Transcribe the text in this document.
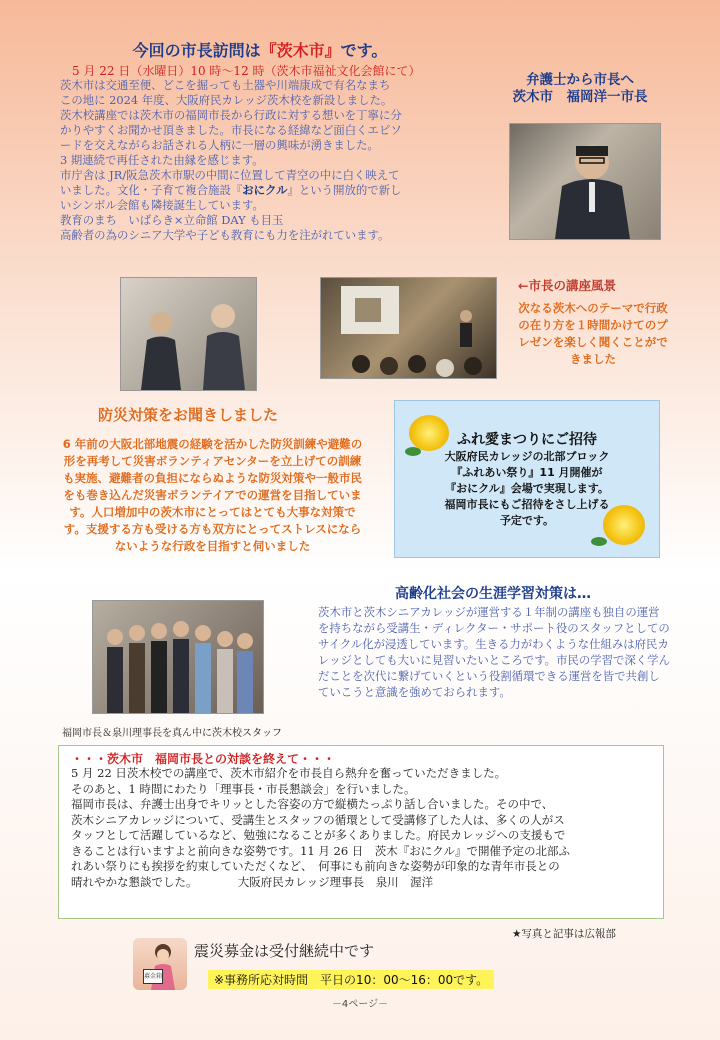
今回の市長訪問は『茨木市』です。
5 月 22 日（水曜日）10 時〜12 時（茨木市福祉文化会館にて）

茨木市は交通至便、どこを掘っても土器や川端康成で有名なまち

この地に 2024 年度、大阪府民カレッジ茨木校を新設しました。

茨木校講座では茨木市の福岡市長から行政に対する想いを丁寧に分

かりやすくお聞かせ頂きました。市長になる経緯など面白くエピソ

ードを交えながらお話される人柄に一層の興味が湧きました。

3 期連続で再任された由縁を感じます。

市庁舎は JR/阪急茨木市駅の中間に位置して青空の中に白く映えて

いました。文化・子育て複合施設『おにクル』という開放的で新し

いシンボル会館も隣接誕生しています。

教育のまち　いばらき×立命館 DAY も目玉

高齢者の為のシニア大学や子ども教育にも力を注がれています。

弁護士から市長へ
茨木市　福岡洋一市長
←市長の講座風景
次なる茨木へのテーマで行政の在り方を１時間かけてのプレゼンを楽しく聞くことができました
防災対策をお聞きしました
6 年前の大阪北部地震の経験を活かした防災訓練や避難の形を再考して災害ボランティアセンターを立上げての訓練も実施、避難者の負担にならぬような防災対策や一般市民をも巻き込んだ災害ボランテイアでの運営を目指していま す。人口増加中の茨木市にとってはとても大事な対策です。支援する方も受ける方も双方にとってストレスにならないような行政を目指すと伺いました
ふれ愛まつりにご招待
大阪府民カレッジの北部ブロック
『ふれあい祭り』11 月開催が
『おにクル』会場で実現します。
福岡市長にもご招待をさし上げる
予定です。
福岡市長＆泉川理事長を真ん中に茨木校スタッフ
高齢化社会の生涯学習対策は…
茨木市と茨木シニアカレッジが運営する１年制の講座も独自の運営を持ちながら受講生・ディレクター・サポート役のスタッフとしてのサイクル化が浸透しています。生きる力がわくような仕組みは府民カレッジとしても大いに見習いたいところです。市民の学習で深く学んだことを次代に繋げていくという役割循環できる運営を皆で共創していこうと意識を強めておられます。
・・・茨木市　福岡市長との対談を終えて・・・
5 月 22 日茨木校での講座で、茨木市紹介を市長自ら熱弁を奮っていただきました。
そのあと、1 時間にわたり「理事長・市長懇談会」を行いました。
福岡市長は、弁護士出身でキリッとした容姿の方で縦横たっぷり話し合いました。その中で、
茨木シニアカレッジについて、受講生とスタッフの循環として受講修了した人は、多くの人がス
タッフとして活躍しているなど、勉強になることが多くありました。府民カレッジへの支援もで
きることは行いますよと前向きな姿勢です。11 月 26 日　茨木『おにクル』で開催予定の北部ふ
れあい祭りにも挨拶を約束していただくなど、　何事にも前向きな姿勢が印象的な青年市長との
晴れやかな懇談でした。　　　　大阪府民カレッジ理事長　泉川　渥洋
★写真と記事は広報部
募金箱
震災募金は受付継続中です
※事務所応対時間　平日の10：00〜16：00です。
－4ページ－
